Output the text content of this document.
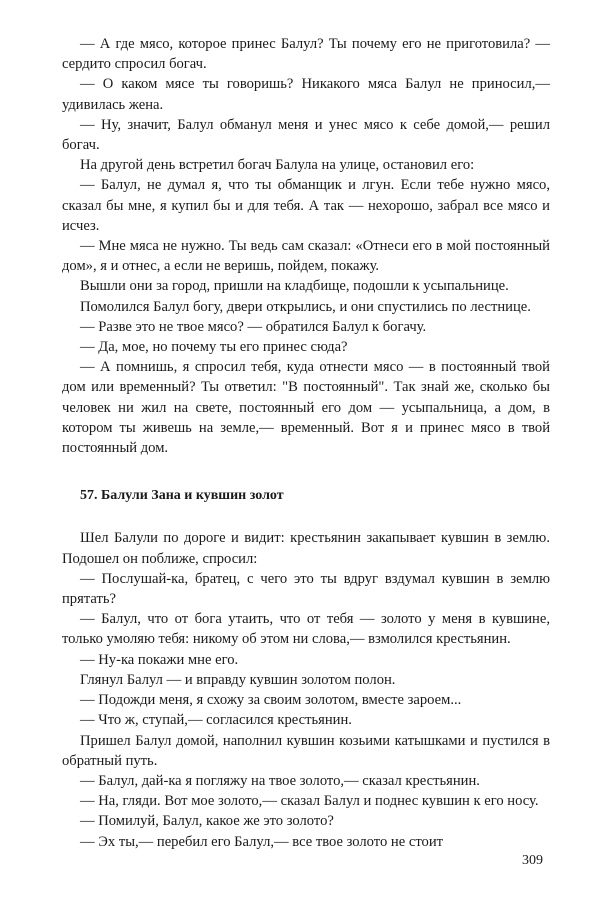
— А где мясо, которое принес Балул? Ты почему его не приготовила? — сердито спросил богач.

— О каком мясе ты говоришь? Никакого мяса Балул не приносил,— удивилась жена.

— Ну, значит, Балул обманул меня и унес мясо к себе домой,— решил богач.

На другой день встретил богач Балула на улице, остановил его:

— Балул, не думал я, что ты обманщик и лгун. Если тебе нужно мясо, сказал бы мне, я купил бы и для тебя. А так — нехорошо, забрал все мясо и исчез.

— Мне мяса не нужно. Ты ведь сам сказал: «Отнеси его в мой постоянный дом», я и отнес, а если не веришь, пойдем, покажу.

Вышли они за город, пришли на кладбище, подошли к усыпальнице.

Помолился Балул богу, двери открылись, и они спустились по лестнице.

— Разве это не твое мясо? — обратился Балул к богачу.

— Да, мое, но почему ты его принес сюда?

— А помнишь, я спросил тебя, куда отнести мясо — в постоянный твой дом или временный? Ты ответил: "В постоянный". Так знай же, сколько бы человек ни жил на свете, постоянный его дом — усыпальница, а дом, в котором ты живешь на земле,— временный. Вот я и принес мясо в твой постоянный дом.

57. Балули Зана и кувшин золот

Шел Балули по дороге и видит: крестьянин закапывает кувшин в землю. Подошел он поближе, спросил:

— Послушай-ка, братец, с чего это ты вдруг вздумал кувшин в землю прятать?

— Балул, что от бога утаить, что от тебя — золото у меня в кувшине, только умоляю тебя: никому об этом ни слова,— взмолился крестьянин.

— Ну-ка покажи мне его.

Глянул Балул — и вправду кувшин золотом полон.

— Подожди меня, я схожу за своим золотом, вместе зароем...

— Что ж, ступай,— согласился крестьянин.

Пришел Балул домой, наполнил кувшин козьими катышками и пустился в обратный путь.

— Балул, дай-ка я погляжу на твое золото,— сказал крестьянин.

— На, гляди. Вот мое золото,— сказал Балул и поднес кувшин к его носу.

— Помилуй, Балул, какое же это золото?

— Эх ты,— перебил его Балул,— все твое золото не стоит

309
